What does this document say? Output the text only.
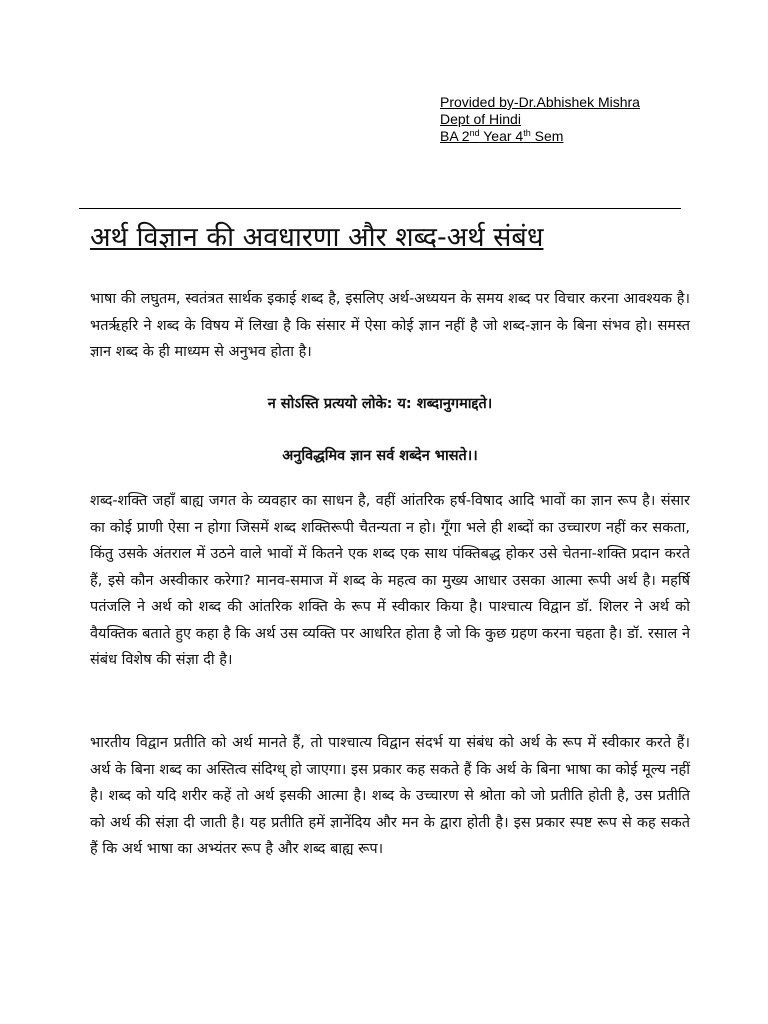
Provided by-Dr.Abhishek Mishra
Dept of Hindi
BA 2nd Year 4th Sem
अर्थ विज्ञान की अवधारणा और शब्द-अर्थ संबंध

भाषा की लघुतम, स्वतंत्रत सार्थक इकाई शब्द है, इसलिए अर्थ-अध्ययन के समय शब्द पर विचार करना आवश्यक है। भतरृहरि ने शब्द के विषय में लिखा है कि संसार में ऐसा कोई ज्ञान नहीं है जो शब्द-ज्ञान के बिना संभव हो। समस्त ज्ञान शब्द के ही माध्यम से अनुभव होता है।

न सोऽस्ति प्रत्ययो लोके: य: शब्दानुगमाद्दते।

अनुविद्धमिव ज्ञान सर्व शब्देन भासते।।

शब्द-शक्ति जहाँ बाह्य जगत के व्यवहार का साधन है, वहीं आंतरिक हर्ष-विषाद आदि भावों का ज्ञान रूप है। संसार का कोई प्राणी ऐसा न होगा जिसमें शब्द शक्तिरूपी चैतन्यता न हो। गूँगा भले ही शब्दों का उच्चारण नहीं कर सकता, किंतु उसके अंतराल में उठने वाले भावों में कितने एक शब्द एक साथ पंक्तिबद्ध होकर उसे चेतना-शक्ति प्रदान करते हैं, इसे कौन अस्वीकार करेगा? मानव-समाज में शब्द के महत्व का मुख्य आधार उसका आत्मा रूपी अर्थ है। महर्षि पतंजलि ने अर्थ को शब्द की आंतरिक शक्ति के रूप में स्वीकार किया है। पाश्चात्य विद्वान डॉ. शिलर ने अर्थ को वैयक्तिक बताते हुए कहा है कि अर्थ उस व्यक्ति पर आधरित होता है जो कि कुछ ग्रहण करना चहता है। डॉ. रसाल ने संबंध विशेष की संज्ञा दी है।

भारतीय विद्वान प्रतीति को अर्थ मानते हैं, तो पाश्चात्य विद्वान संदर्भ या संबंध को अर्थ के रूप में स्वीकार करते हैं। अर्थ के बिना शब्द का अस्तित्व संदिग्ध् हो जाएगा। इस प्रकार कह सकते हैं कि अर्थ के बिना भाषा का कोई मूल्य नहीं है। शब्द को यदि शरीर कहें तो अर्थ इसकी आत्मा है। शब्द के उच्चारण से श्रोता को जो प्रतीति होती है, उस प्रतीति को अर्थ की संज्ञा दी जाती है। यह प्रतीति हमें ज्ञानेंदिय और मन के द्वारा होती है। इस प्रकार स्पष्ट रूप से कह सकते हैं कि अर्थ भाषा का अभ्यंतर रूप है और शब्द बाह्य रूप।
